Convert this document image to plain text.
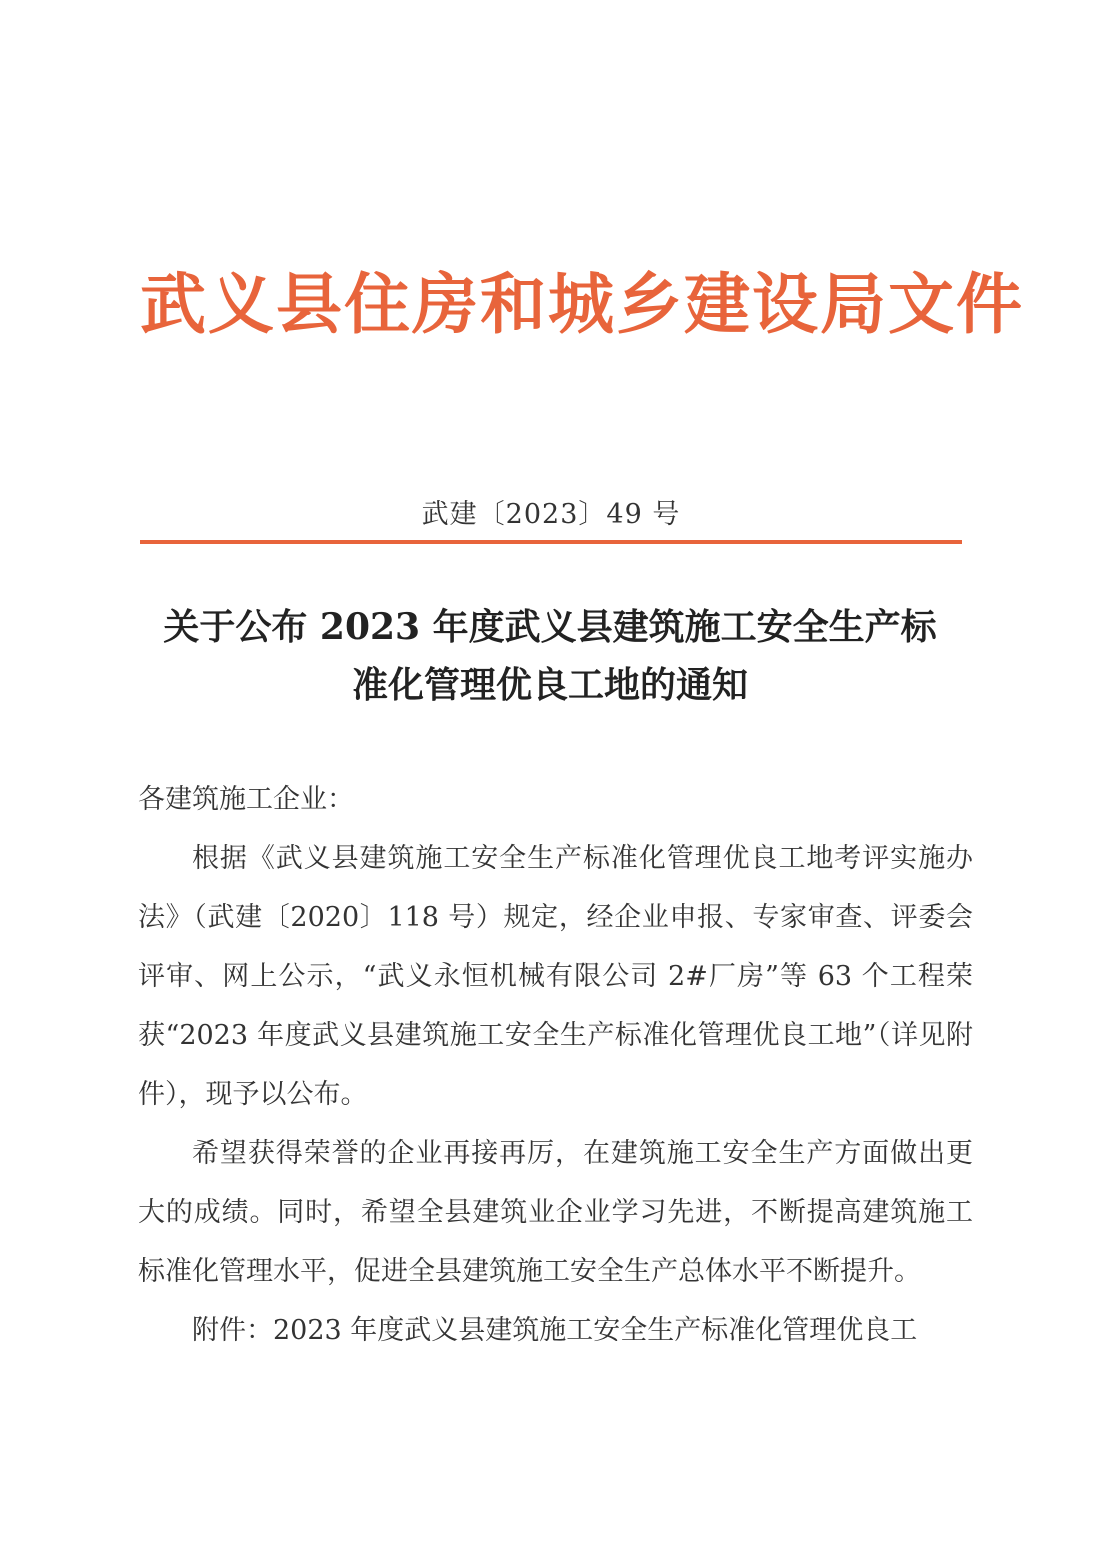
武义县住房和城乡建设局文件
武建〔2023〕49 号
关于公布 2023 年度武义县建筑施工安全生产标
准化管理优良工地的通知

各建筑施工企业：

根据《武义县建筑施工安全生产标准化管理优良工地考评实施办法》（武建〔2020〕118 号）规定，经企业申报、专家审查、评委会评审、网上公示，“武义永恒机械有限公司 2#厂房”等 63 个工程荣获“2023 年度武义县建筑施工安全生产标准化管理优良工地”（详见附件），现予以公布。

希望获得荣誉的企业再接再厉，在建筑施工安全生产方面做出更大的成绩。同时，希望全县建筑业企业学习先进，不断提高建筑施工标准化管理水平，促进全县建筑施工安全生产总体水平不断提升。

附件：2023 年度武义县建筑施工安全生产标准化管理优良工
